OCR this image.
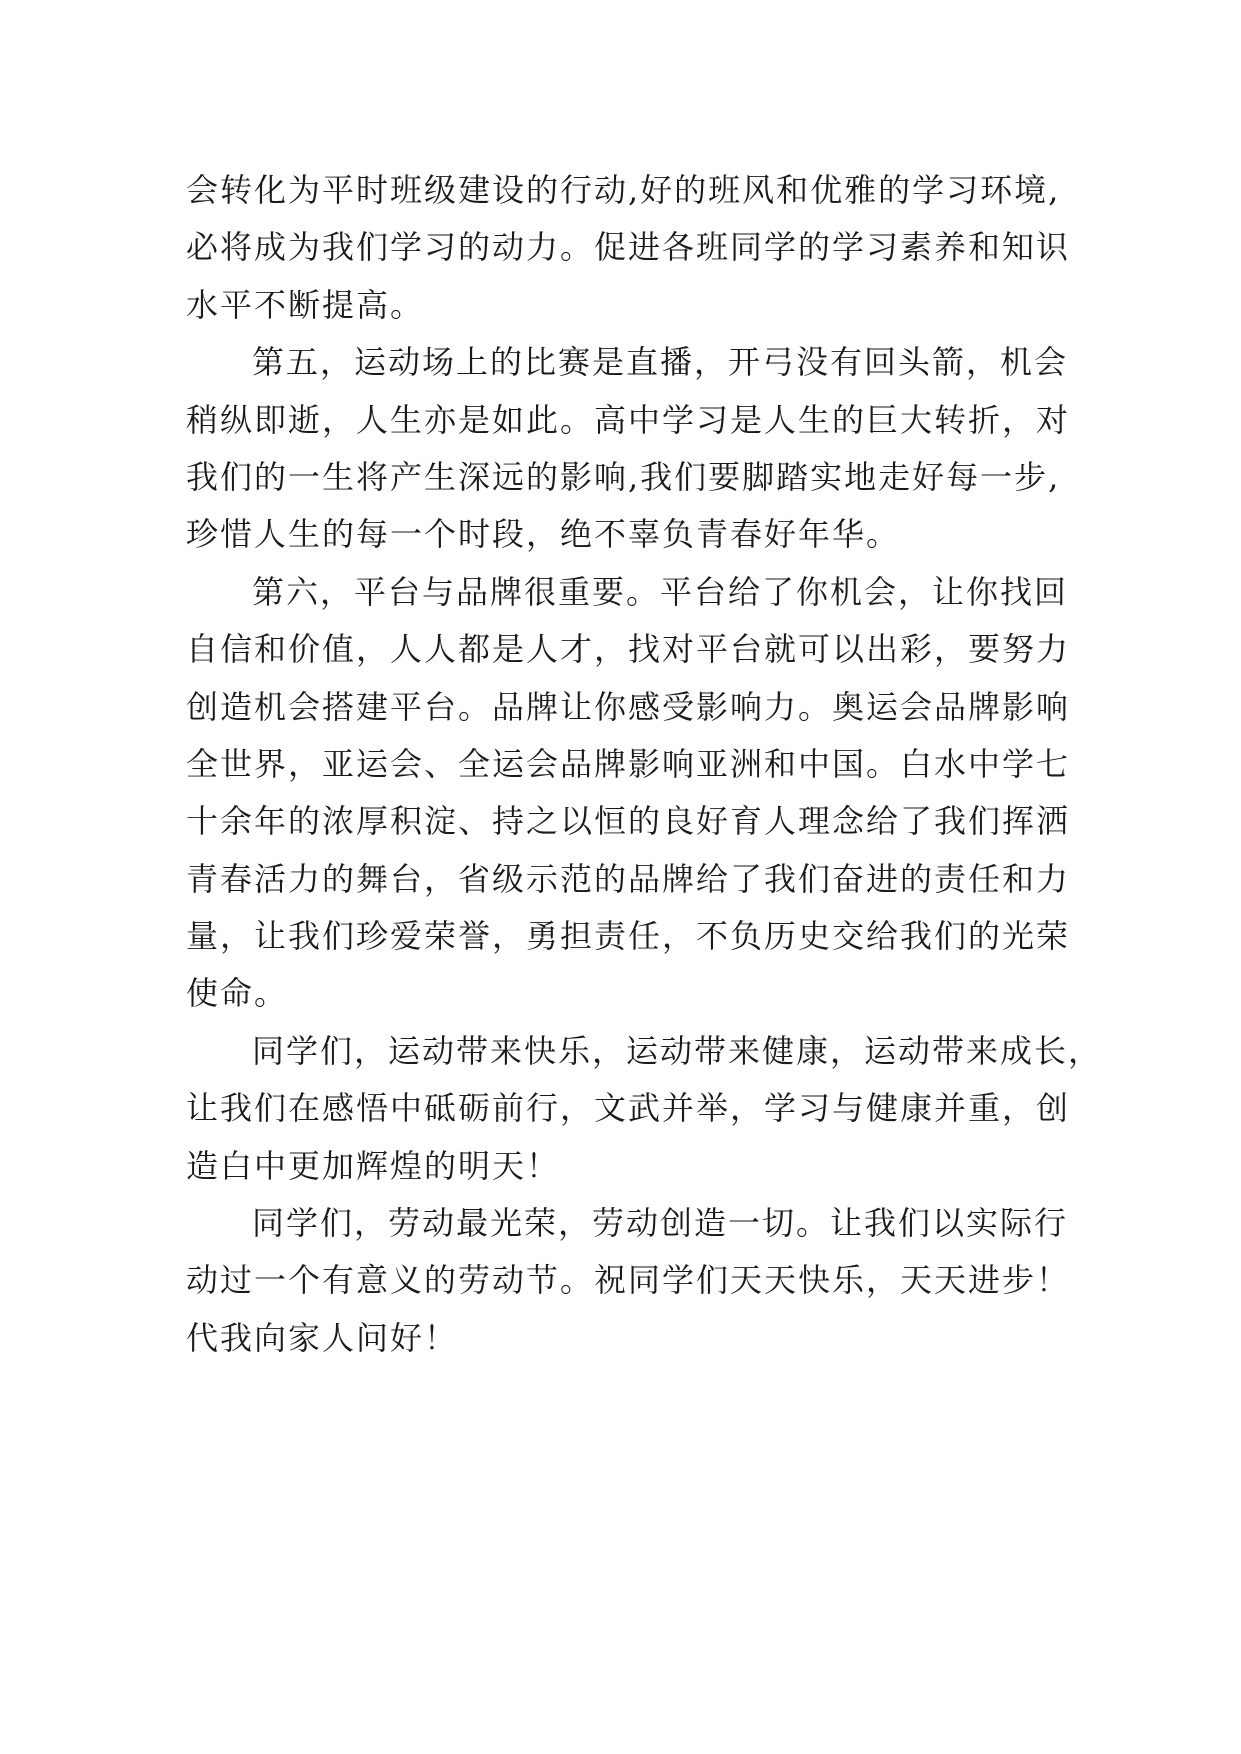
会转化为平时班级建设的行动,好的班风和优雅的学习环境,
必将成为我们学习的动力。促进各班同学的学习素养和知识
水平不断提高。
第五，运动场上的比赛是直播，开弓没有回头箭，机会
稍纵即逝，人生亦是如此。高中学习是人生的巨大转折，对
我们的一生将产生深远的影响,我们要脚踏实地走好每一步,
珍惜人生的每一个时段，绝不辜负青春好年华。
第六，平台与品牌很重要。平台给了你机会，让你找回
自信和价值，人人都是人才，找对平台就可以出彩，要努力
创造机会搭建平台。品牌让你感受影响力。奥运会品牌影响
全世界，亚运会、全运会品牌影响亚洲和中国。白水中学七
十余年的浓厚积淀、持之以恒的良好育人理念给了我们挥洒
青春活力的舞台，省级示范的品牌给了我们奋进的责任和力
量，让我们珍爱荣誉，勇担责任，不负历史交给我们的光荣
使命。
同学们，运动带来快乐，运动带来健康，运动带来成长，
让我们在感悟中砥砺前行，文武并举，学习与健康并重，创
造白中更加辉煌的明天！
同学们，劳动最光荣，劳动创造一切。让我们以实际行
动过一个有意义的劳动节。祝同学们天天快乐，天天进步！
代我向家人问好！
